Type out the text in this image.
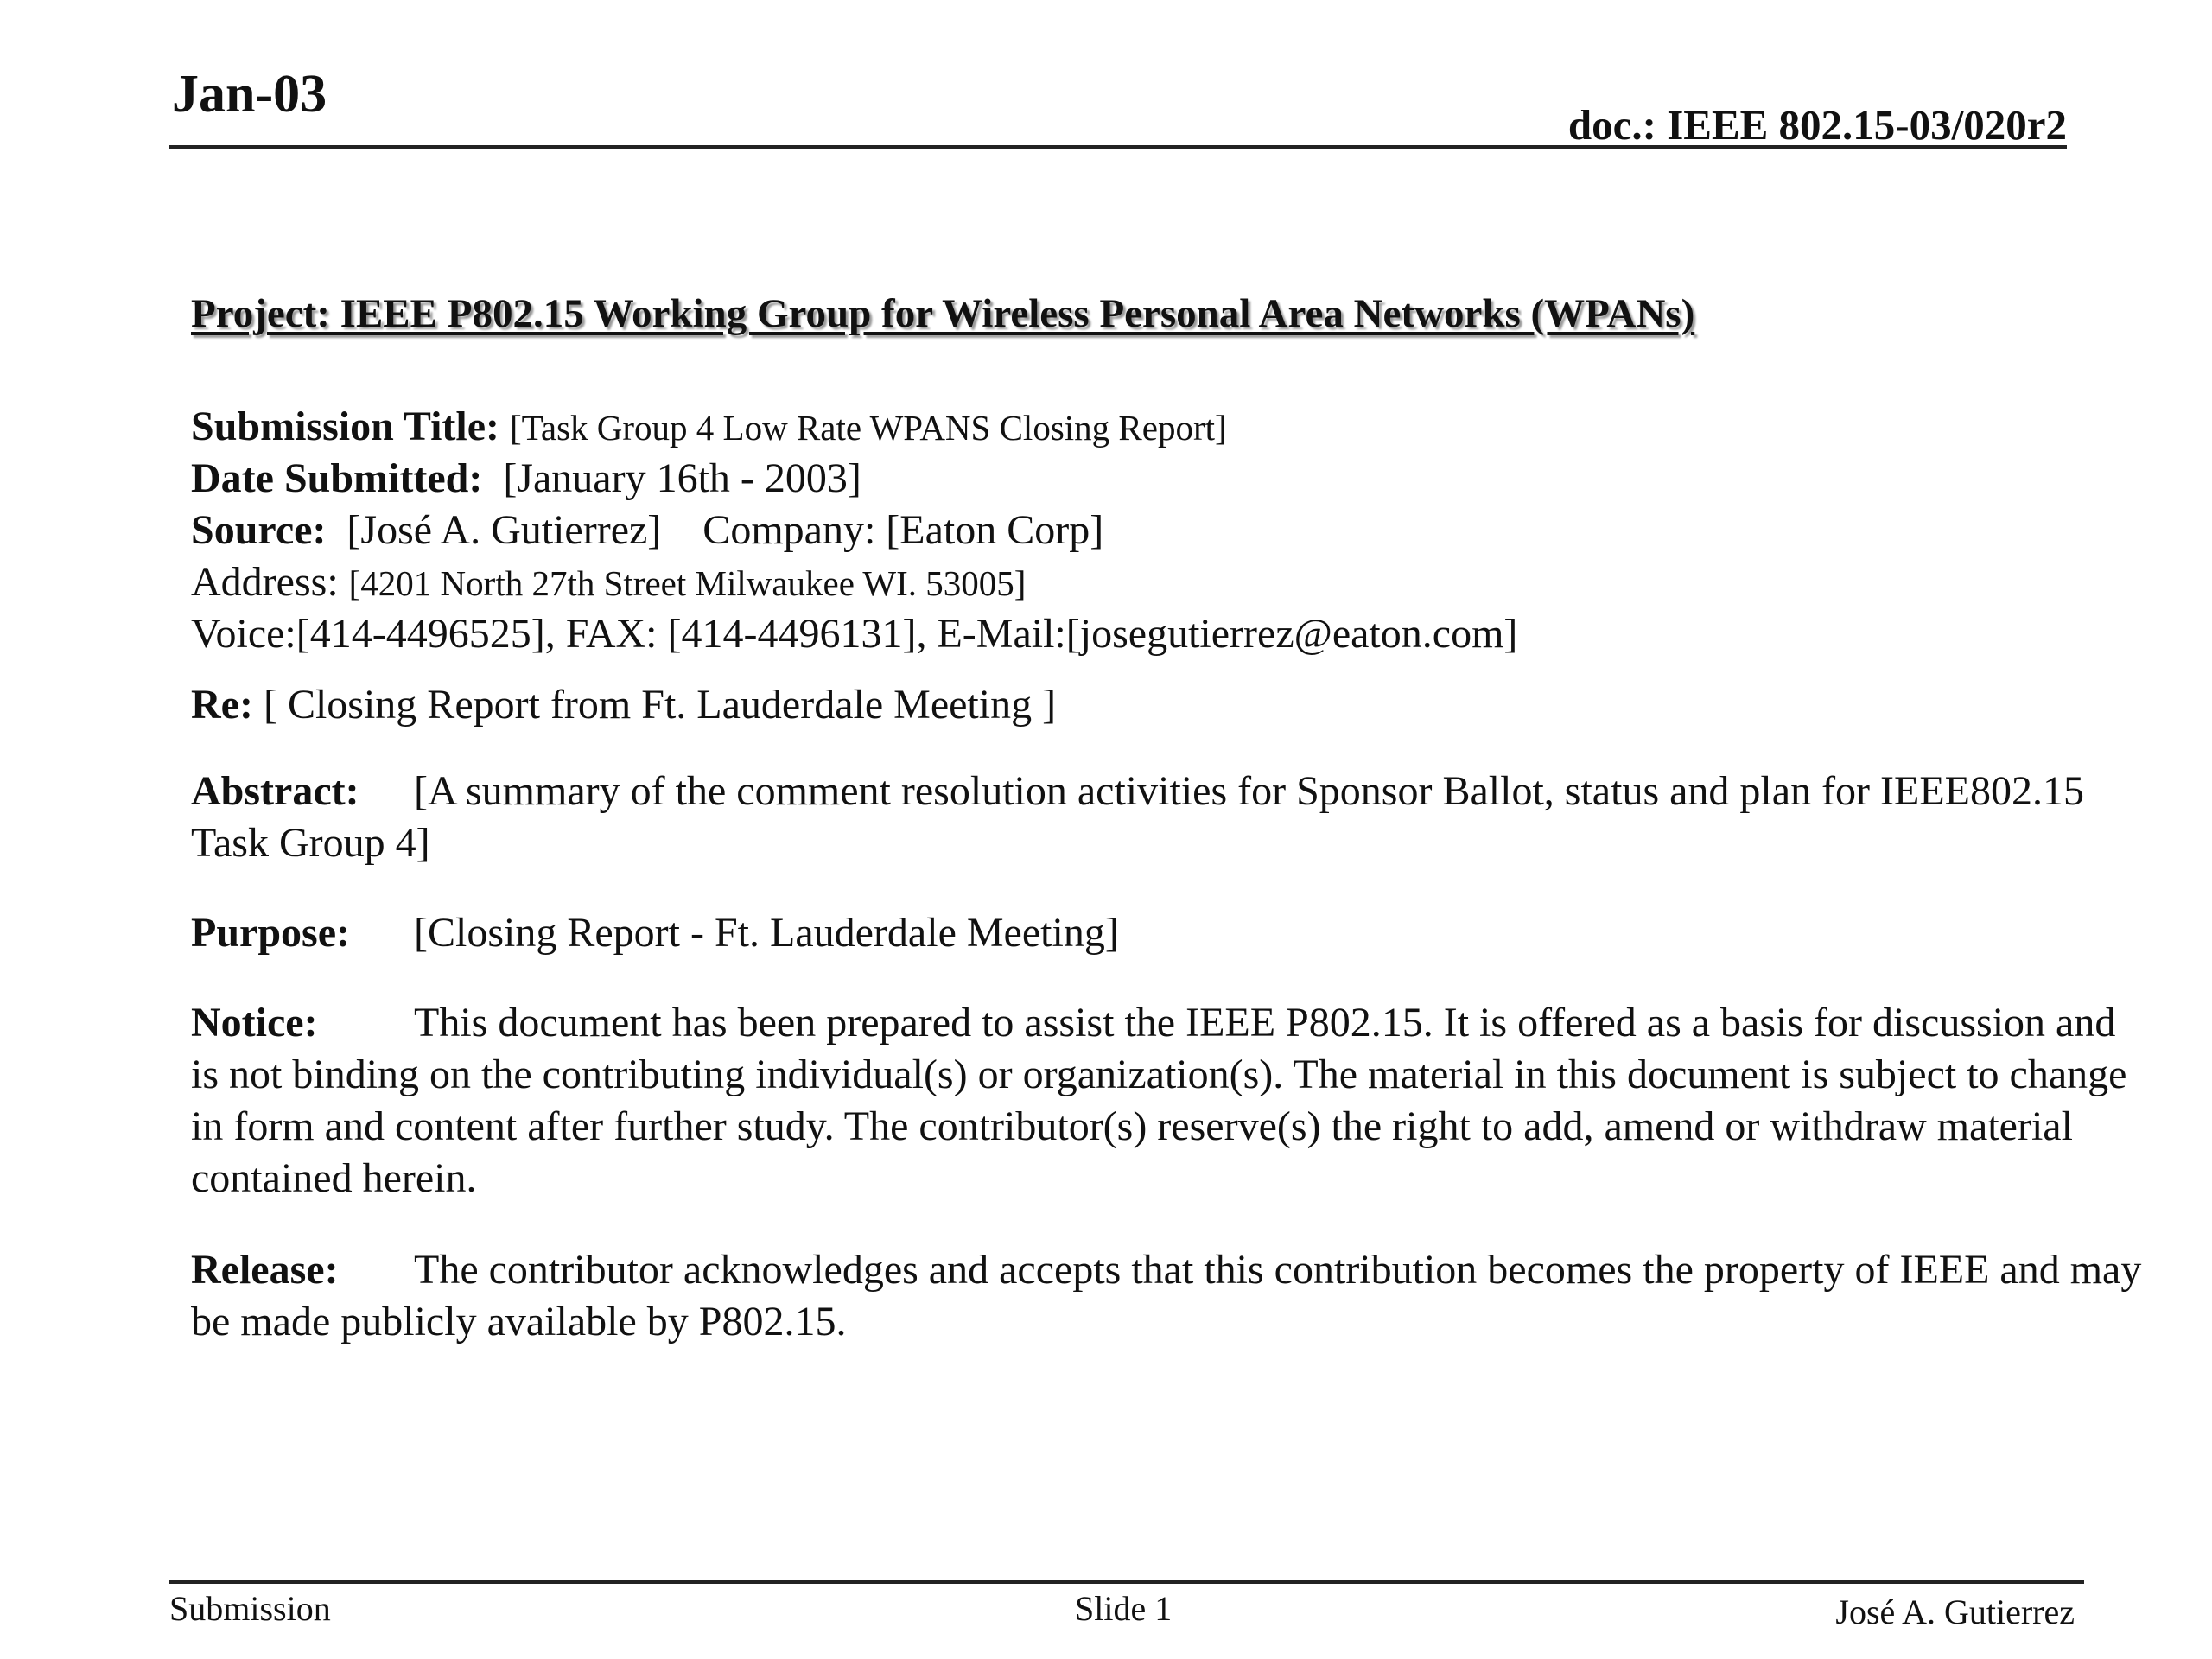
Jan-03
doc.: IEEE 802.15-03/020r2
Project: IEEE P802.15 Working Group for Wireless Personal Area Networks (WPANs)
Submission Title: [Task Group 4 Low Rate WPANS Closing Report]
Date Submitted: [January 16th - 2003]
Source: [José A. Gutierrez] Company: [Eaton Corp]
Address: [4201 North 27th Street Milwaukee WI. 53005]
Voice:[414-4496525], FAX: [414-4496131], E-Mail:[josegutierrez@eaton.com]
Re: [ Closing Report from Ft. Lauderdale Meeting ]
Abstract: [A summary of the comment resolution activities for Sponsor Ballot, status and plan for IEEE802.15 Task Group 4]
Purpose: [Closing Report - Ft. Lauderdale Meeting]
Notice: This document has been prepared to assist the IEEE P802.15. It is offered as a basis for discussion and is not binding on the contributing individual(s) or organization(s). The material in this document is subject to change in form and content after further study. The contributor(s) reserve(s) the right to add, amend or withdraw material contained herein.
Release: The contributor acknowledges and accepts that this contribution becomes the property of IEEE and may be made publicly available by P802.15.
Submission	Slide 1	José A. Gutierrez
